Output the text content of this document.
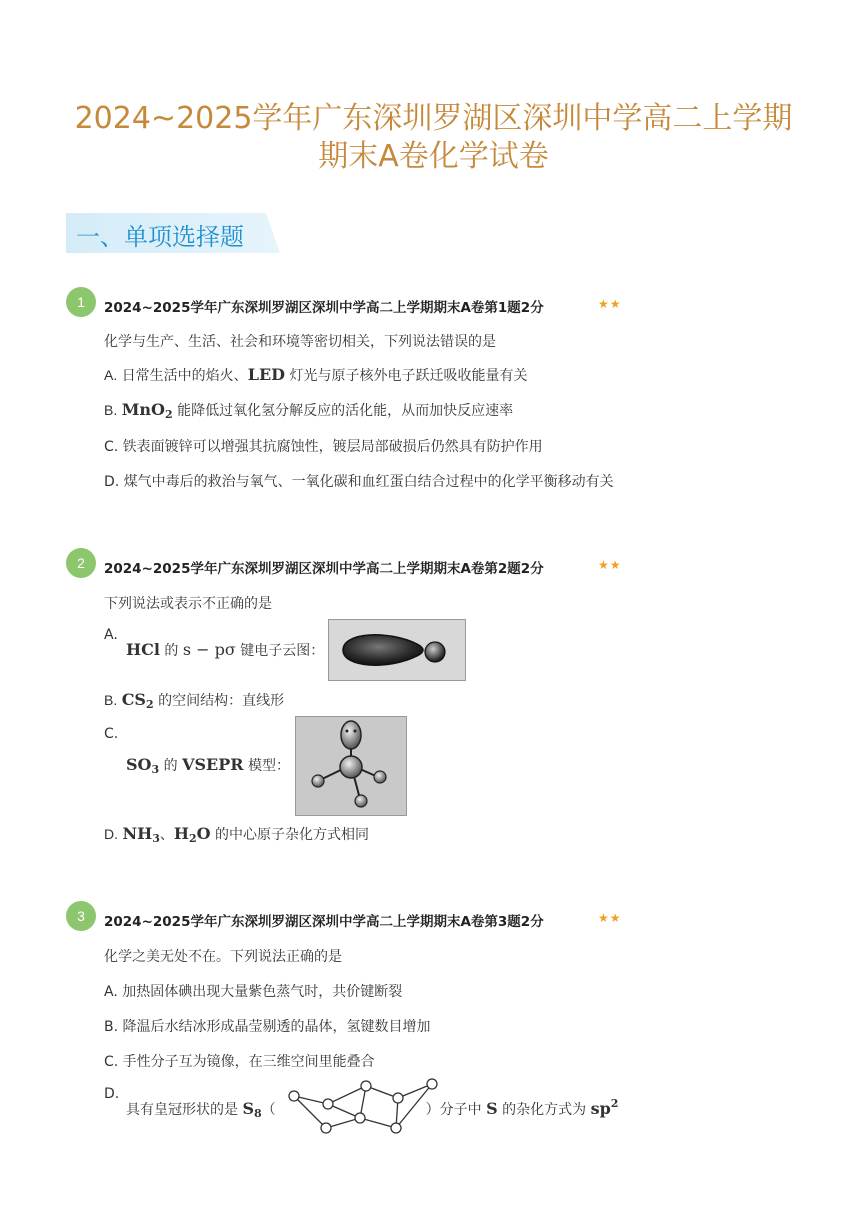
2024~2025学年广东深圳罗湖区深圳中学高二上学期
期末A卷化学试卷
一、单项选择题
1	2024~2025学年广东深圳罗湖区深圳中学高二上学期期末A卷第1题2分	★★
化学与生产、生活、社会和环境等密切相关，下列说法错误的是
A. 日常生活中的焰火、LED 灯光与原子核外电子跃迁吸收能量有关
B. MnO$_2$ 能降低过氧化氢分解反应的活化能，从而加快反应速率
C. 铁表面镀锌可以增强其抗腐蚀性，镀层局部破损后仍然具有防护作用
D. 煤气中毒后的救治与氧气、一氧化碳和血红蛋白结合过程中的化学平衡移动有关
2	2024~2025学年广东深圳罗湖区深圳中学高二上学期期末A卷第2题2分	★★
下列说法或表示不正确的是
A.
HCl 的 s − pσ 键电子云图：
B. $CS_2$ 的空间结构：直线形
C.
$SO_3$ 的 VSEPR 模型：
D. $NH_3$、$H_2O$ 的中心原子杂化方式相同
3	2024~2025学年广东深圳罗湖区深圳中学高二上学期期末A卷第3题2分	★★
化学之美无处不在。下列说法正确的是
A. 加热固体碘出现大量紫色蒸气时，共价键断裂
B. 降温后水结冰形成晶莹剔透的晶体，氢键数目增加
C. 手性分子互为镜像，在三维空间里能叠合
D.
具有皇冠形状的是 $S_8$（	）分子中 S 的杂化方式为 $sp^2$
